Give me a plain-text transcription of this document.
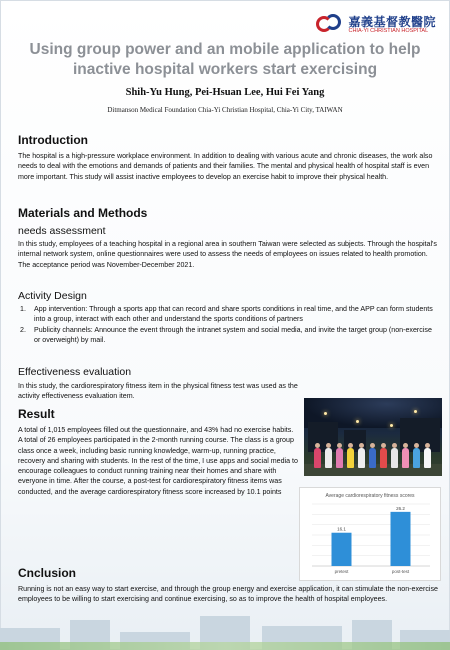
嘉義基督教醫院
CHIA-YI CHRISTIAN HOSPITAL
Using group power and an mobile application to help inactive hospital workers start exercising
Shih-Yu Hung, Pei-Hsuan Lee, Hui Fei Yang
Ditmanson Medical Foundation Chia-Yi Christian Hospital, Chia-Yi City, TAIWAN
Introduction
The hospital is a high-pressure workplace environment. In addition to dealing with various acute and chronic diseases, the work also needs to deal with the emotions and demands of patients and their families. The mental and physical health of hospital staff is even more important. This study will assist inactive employees to develop an exercise habit to improve their physical health.
Materials and Methods
needs assessment
In this study, employees of a teaching hospital in a regional area in southern Taiwan were selected as subjects. Through the hospital's internal network system, online questionnaires were used to assess the needs of employees on issues related to health promotion. The acceptance period was November-December 2021.
Activity Design
1. App intervention: Through a sports app that can record and share sports conditions in real time, and the APP can form students into a group, interact with each other and understand the sports conditions of partners
2. Publicity channels: Announce the event through the intranet system and social media, and invite the target group (non-exercise or overweight) by mail.
Effectiveness evaluation
In this study, the cardiorespiratory fitness item in the physical fitness test was used as the activity effectiveness evaluation item.
Result
A total of 1,015 employees filled out the questionnaire, and 43% had no exercise habits. A total of 26 employees participated in the 2-month running course. The class is a group class once a week, including basic running knowledge, warm-up, running practice, recovery and sharing with students. In the rest of the time, I use apps and social media to encourage colleagues to conduct running training near their homes and share with everyone in time. After the course, a post-test for cardiorespiratory fitness items was conducted, and the average cardiorespiratory fitness score increased by 10.1 points
Average cardiorespiratory fitness scores
16.1
pretest
26.2
post-test
Cnclusion
Running is not an easy way to start exercise, and through the group energy and exercise application, it can stimulate the non-exercise employees to be willing to start exercising and continue exercising, so as to improve the health of hospital employees.
